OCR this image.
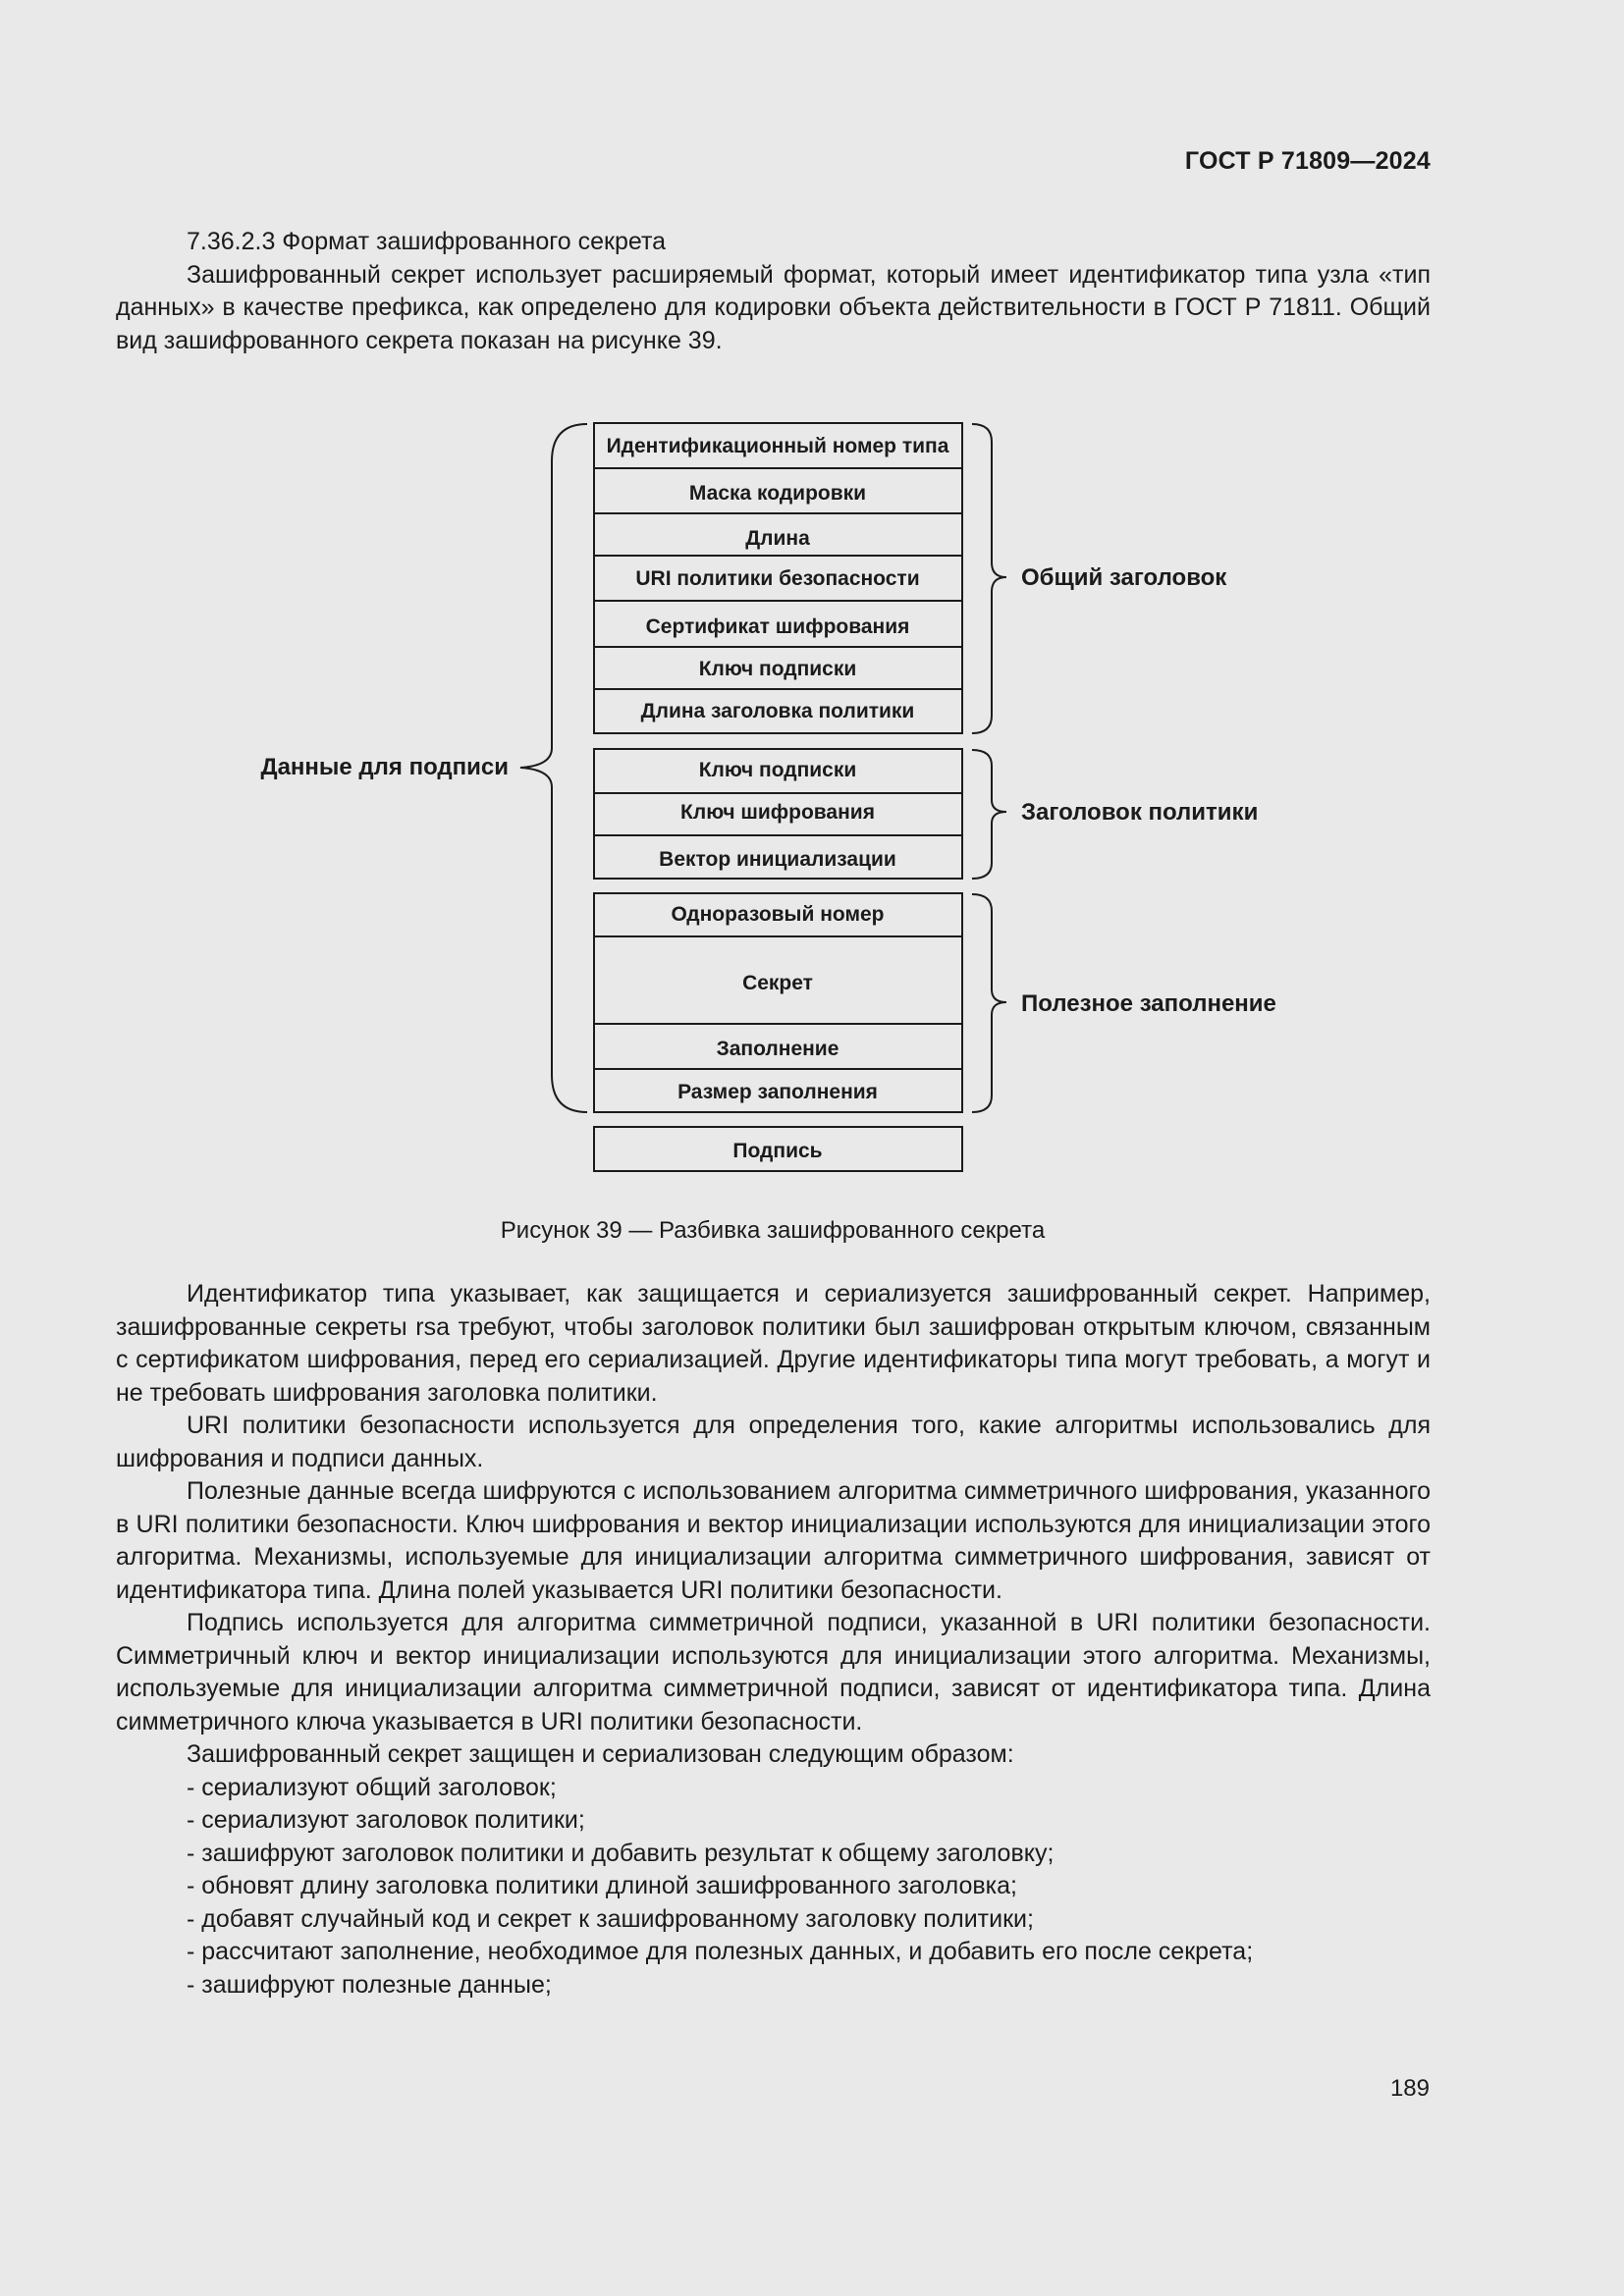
ГОСТ Р 71809—2024

7.36.2.3 Формат зашифрованного секрета

Зашифрованный секрет использует расширяемый формат, который имеет идентификатор типа узла «тип данных» в качестве префикса, как определено для кодировки объекта действительности в ГОСТ Р 71811. Общий вид зашифрованного секрета показан на рисунке 39.

Идентификационный номер типа
Маска кодировки
Длина
URI политики безопасности
Сертификат шифрования
Ключ подписки
Длина заголовка политики
Ключ подписки
Ключ шифрования
Вектор инициализации
Одноразовый номер
Секрет
Заполнение
Размер заполнения
Подпись
Общий заголовок
Заголовок политики
Полезное заполнение
Данные для подписи
Рисунок 39 — Разбивка зашифрованного секрета

Идентификатор типа указывает, как защищается и сериализуется зашифрованный секрет. Например, зашифрованные секреты rsa требуют, чтобы заголовок политики был зашифрован открытым ключом, связанным с сертификатом шифрования, перед его сериализацией. Другие идентификаторы типа могут требовать, а могут и не требовать шифрования заголовка политики.

URI политики безопасности используется для определения того, какие алгоритмы использовались для шифрования и подписи данных.

Полезные данные всегда шифруются с использованием алгоритма симметричного шифрования, указанного в URI политики безопасности. Ключ шифрования и вектор инициализации используются для инициализации этого алгоритма. Механизмы, используемые для инициализации алгоритма симметричного шифрования, зависят от идентификатора типа. Длина полей указывается URI политики безопасности.

Подпись используется для алгоритма симметричной подписи, указанной в URI политики безопасности. Симметричный ключ и вектор инициализации используются для инициализации этого алгоритма. Механизмы, используемые для инициализации алгоритма симметричной подписи, зависят от идентификатора типа. Длина симметричного ключа указывается в URI политики безопасности.

Зашифрованный секрет защищен и сериализован следующим образом:

- сериализуют общий заголовок;
- сериализуют заголовок политики;
- зашифруют заголовок политики и добавить результат к общему заголовку;
- обновят длину заголовка политики длиной зашифрованного заголовка;
- добавят случайный код и секрет к зашифрованному заголовку политики;
- рассчитают заполнение, необходимое для полезных данных, и добавить его после секрета;
- зашифруют полезные данные;
189
